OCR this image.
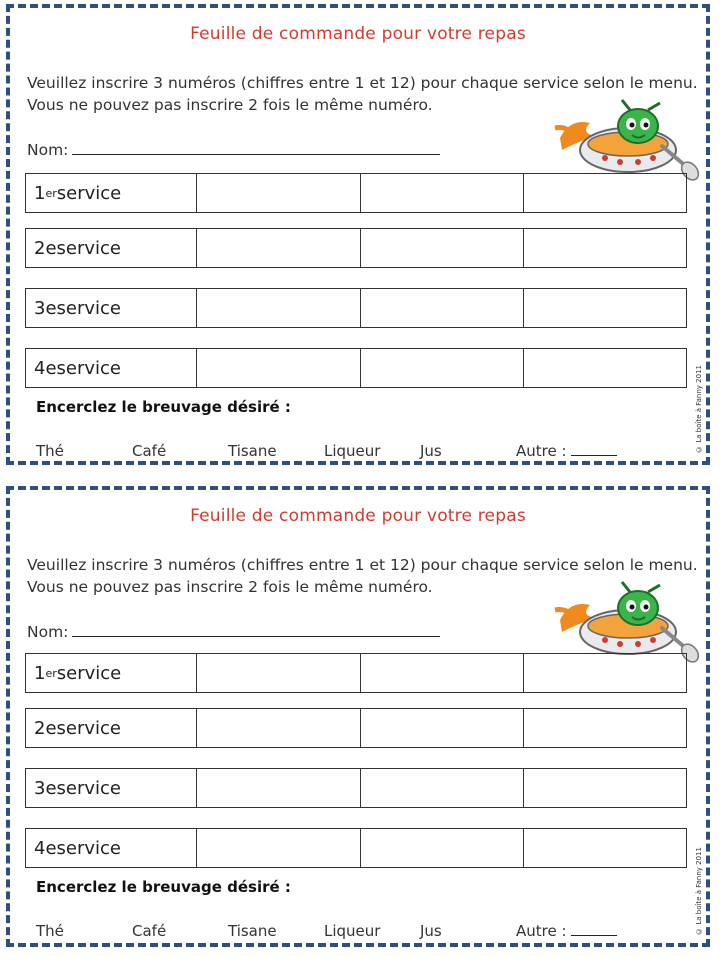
Feuille de commande pour votre repas
Veuillez inscrire 3 numéros (chiffres entre 1 et 12) pour chaque service selon le menu.
Vous ne pouvez pas inscrire 2 fois le même numéro.
Nom:
1 er service
2e service
3e service
4e service
Encerclez le breuvage désiré :
Thé	Café	Tisane	Liqueur	Jus	Autre :	© La boîte à Fanny 2011
Feuille de commande pour votre repas
Veuillez inscrire 3 numéros (chiffres entre 1 et 12) pour chaque service selon le menu.
Vous ne pouvez pas inscrire 2 fois le même numéro.
Nom:
1 er service
2e service
3e service
4e service
Encerclez le breuvage désiré :
Thé	Café	Tisane	Liqueur	Jus	Autre :	© La boîte à Fanny 2011
